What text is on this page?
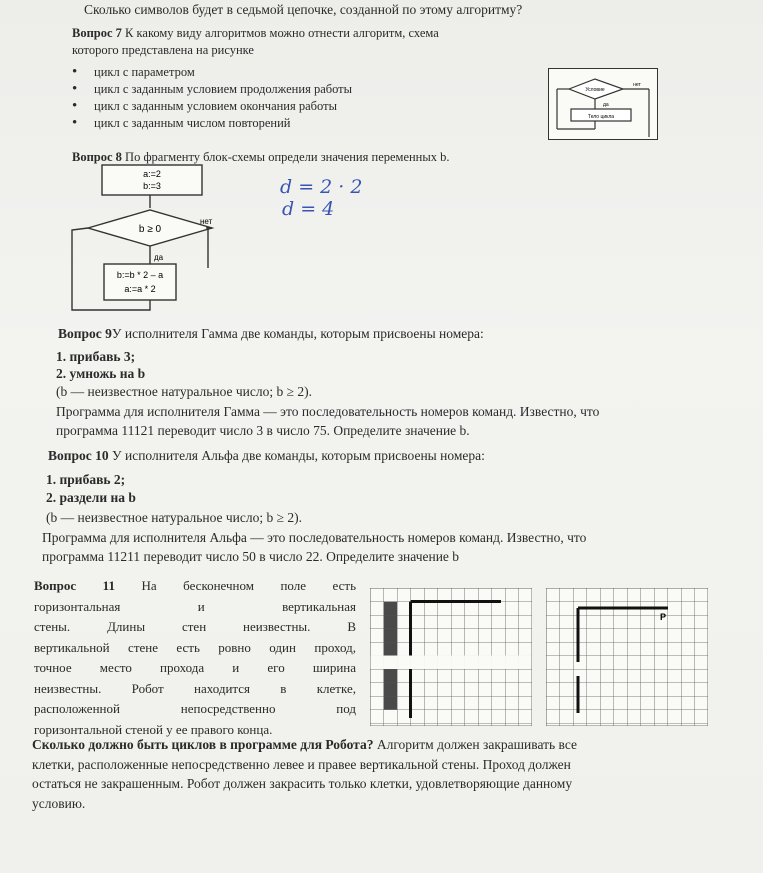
Сколько символов будет в седьмой цепочке, созданной по этому алгоритму?
Вопрос 7 К какому виду алгоритмов можно отнести алгоритм, схема
которого представлена на рисунке
• цикл с параметром
• цикл с заданным условием продолжения работы
• цикл с заданным условием окончания работы
• цикл с заданным числом повторений
Условие
нет
да
Тело цикла
Вопрос 8 По фрагменту блок-схемы определи значения переменных b.
a:=2
b:=3
b ≥ 0
нет
да
b:=b * 2 – a
a:=a * 2
d = 2 · 2
d = 4
Вопрос 9У исполнителя Гамма две команды, которым присвоены номера:
1. прибавь 3;
2. умножь на b
(b — неизвестное натуральное число; b ≥ 2).
Программа для исполнителя Гамма — это последовательность номеров команд. Известно, что
программа 11121 переводит число 3 в число 75. Определите значение b.
Вопрос 10 У исполнителя Альфа две команды, которым присвоены номера:
1. прибавь 2;
2. раздели на b
(b — неизвестное натуральное число; b ≥ 2).
Программа для исполнителя Альфа — это последовательность номеров команд. Известно, что
программа 11211 переводит число 50 в число 22. Определите значение b
Вопрос 11 На бесконечном поле есть
горизонтальная и вертикальная
стены. Длины стен неизвестны. В
вертикальной стене есть ровно один проход,
точное место прохода и его ширина
неизвестны. Робот находится в клетке,
расположенной непосредственно под
горизонтальной стеной у ее правого конца.
P
Сколько должно быть циклов в программе для Робота? Алгоритм должен закрашивать все
клетки, расположенные непосредственно левее и правее вертикальной стены. Проход должен
остаться не закрашенным. Робот должен закрасить только клетки, удовлетворяющие данному
условию.
